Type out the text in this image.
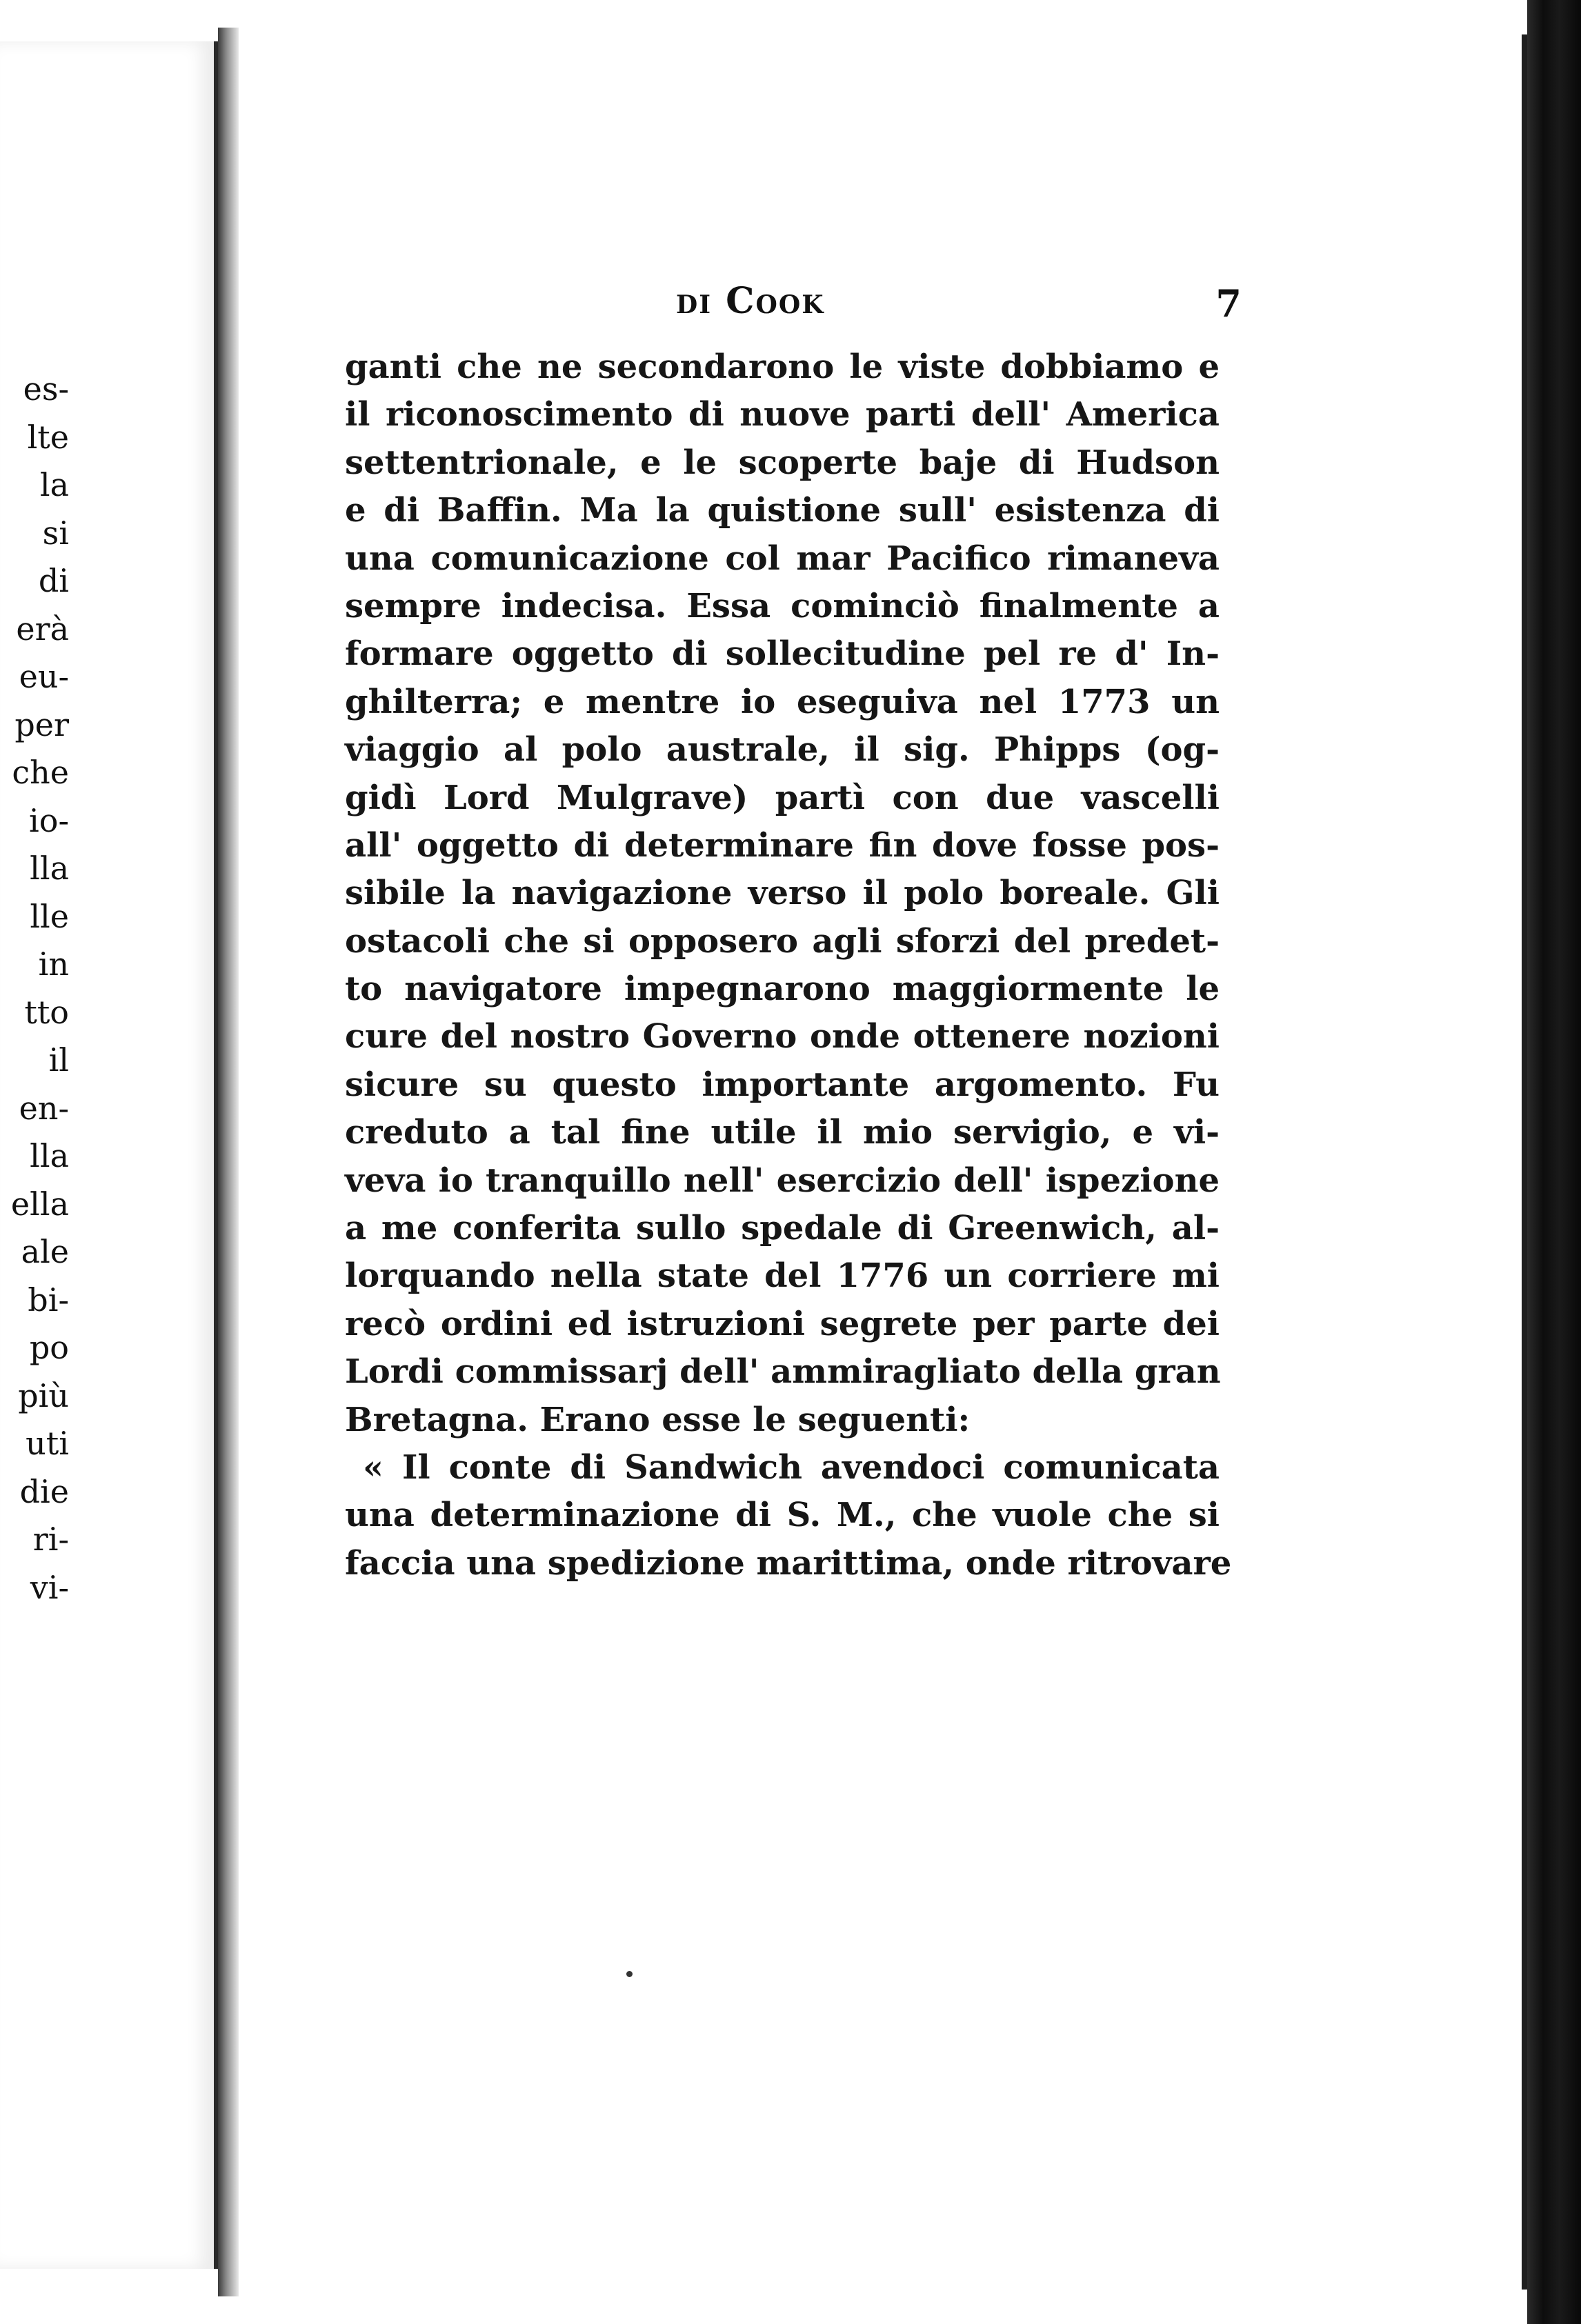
es-
lte
la
si
di
erà
eu-
per
che
io-
lla
lle
in
tto
il
en-
lla
ella
ale
bi-
po
più
uti
die
ri-
vi-
di Cook	7
ganti che ne secondarono le viste dobbiamo e
il riconoscimento di nuove parti dell' America
settentrionale, e le scoperte baje di Hudson
e di Baffin. Ma la quistione sull' esistenza di
una comunicazione col mar Pacifico rimaneva
sempre indecisa. Essa cominciò finalmente a
formare oggetto di sollecitudine pel re d' In-
ghilterra; e mentre io eseguiva nel 1773 un
viaggio al polo australe, il sig. Phipps (og-
gidì Lord Mulgrave) partì con due vascelli
all' oggetto di determinare fin dove fosse pos-
sibile la navigazione verso il polo boreale. Gli
ostacoli che si opposero agli sforzi del predet-
to navigatore impegnarono maggiormente le
cure del nostro Governo onde ottenere nozioni
sicure su questo importante argomento. Fu
creduto a tal fine utile il mio servigio, e vi-
veva io tranquillo nell' esercizio dell' ispezione
a me conferita sullo spedale di Greenwich, al-
lorquando nella state del 1776 un corriere mi
recò ordini ed istruzioni segrete per parte dei
Lordi commissarj dell' ammiragliato della gran
Bretagna. Erano esse le seguenti:
« Il conte di Sandwich avendoci comunicata
una determinazione di S. M., che vuole che si
faccia una spedizione marittima, onde ritrovare
